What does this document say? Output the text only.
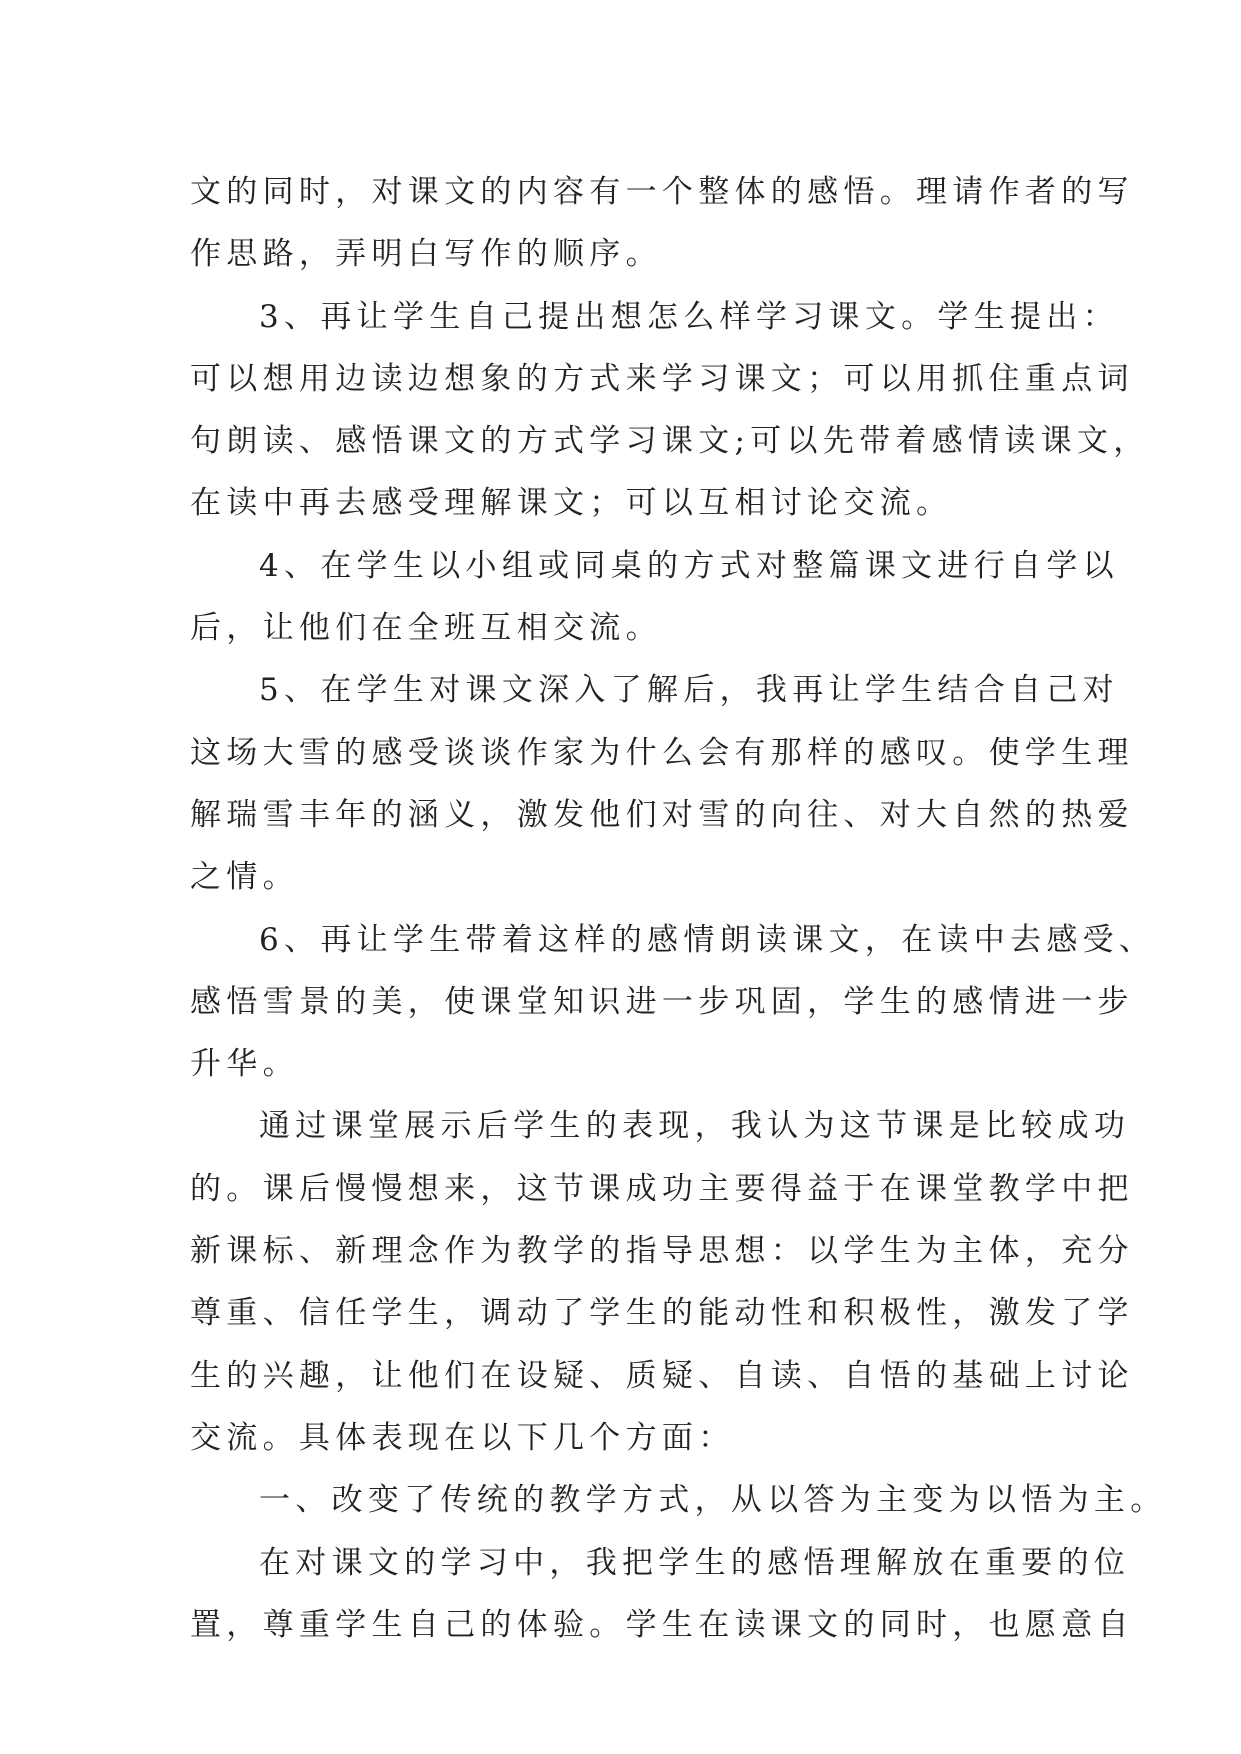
文的同时，对课文的内容有一个整体的感悟。理请作者的写
作思路，弄明白写作的顺序。
3、再让学生自己提出想怎么样学习课文。学生提出：
可以想用边读边想象的方式来学习课文；可以用抓住重点词
句朗读、感悟课文的方式学习课文;可以先带着感情读课文，
在读中再去感受理解课文；可以互相讨论交流。
4、在学生以小组或同桌的方式对整篇课文进行自学以
后，让他们在全班互相交流。
5、在学生对课文深入了解后，我再让学生结合自己对
这场大雪的感受谈谈作家为什么会有那样的感叹。使学生理
解瑞雪丰年的涵义，激发他们对雪的向往、对大自然的热爱
之情。
6、再让学生带着这样的感情朗读课文，在读中去感受、
感悟雪景的美，使课堂知识进一步巩固，学生的感情进一步
升华。
通过课堂展示后学生的表现，我认为这节课是比较成功
的。课后慢慢想来，这节课成功主要得益于在课堂教学中把
新课标、新理念作为教学的指导思想：以学生为主体，充分
尊重、信任学生，调动了学生的能动性和积极性，激发了学
生的兴趣，让他们在设疑、质疑、自读、自悟的基础上讨论
交流。具体表现在以下几个方面：
一、改变了传统的教学方式，从以答为主变为以悟为主。
在对课文的学习中，我把学生的感悟理解放在重要的位
置，尊重学生自己的体验。学生在读课文的同时，也愿意自
